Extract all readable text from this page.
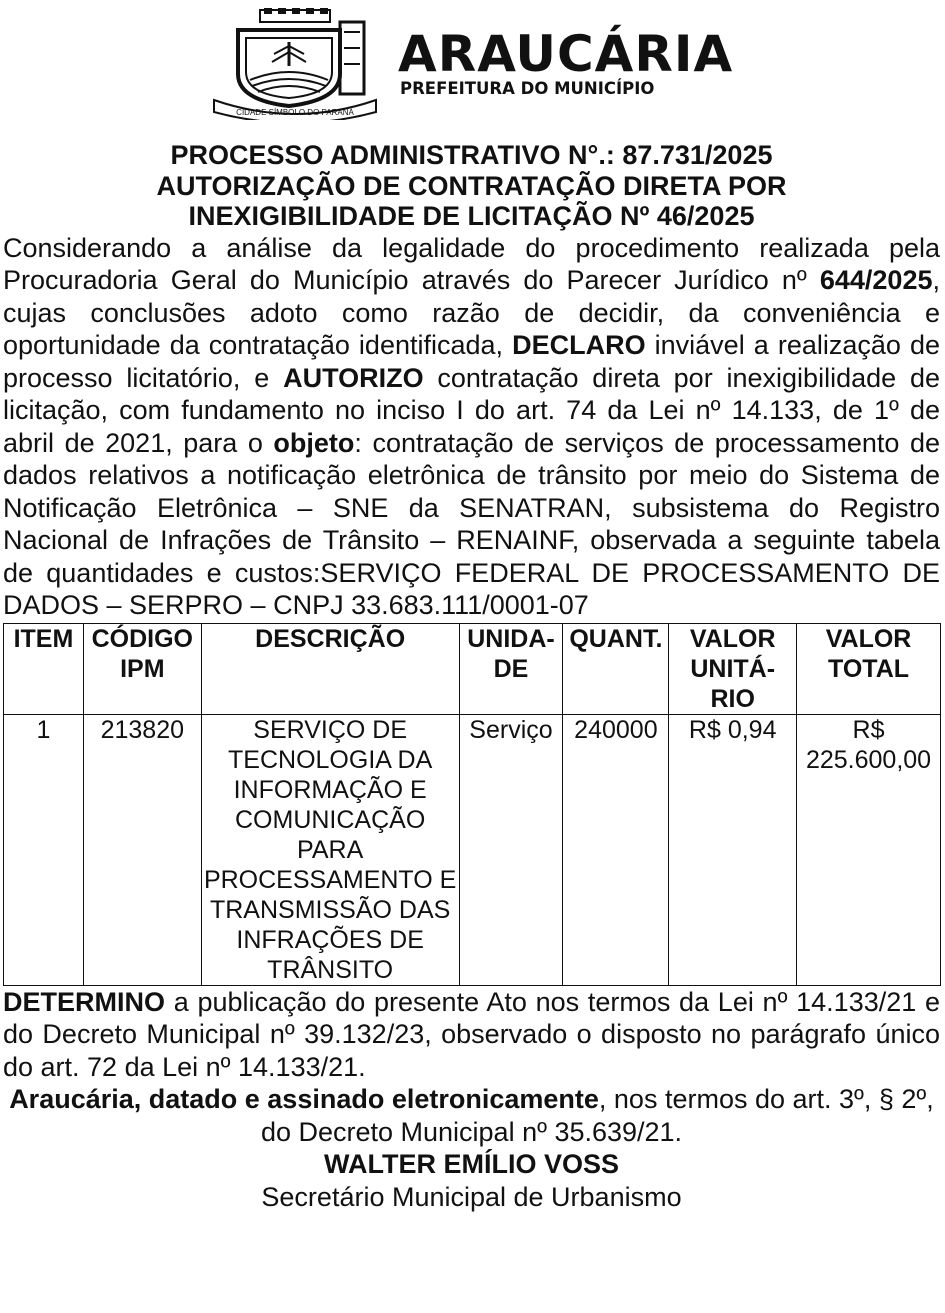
CIDADE SÍMBOLO DO PARANÁ
ARAUCÁRIA
PREFEITURA DO MUNICÍPIO
PROCESSO ADMINISTRATIVO N°.: 87.731/2025
AUTORIZAÇÃO DE CONTRATAÇÃO DIRETA POR
INEXIGIBILIDADE DE LICITAÇÃO Nº 46/2025

Considerando a análise da legalidade do procedimento realizada pela Procuradoria Geral do Município através do Parecer Jurídico nº 644/2025, cujas conclusões adoto como razão de decidir, da conveniência e oportunidade da contratação identificada, DECLARO inviável a realização de processo licitatório, e AUTORIZO contratação direta por inexigibilidade de licitação, com fundamento no inciso I do art. 74 da Lei nº 14.133, de 1º de abril de 2021, para o objeto: contratação de serviços de processamento de dados relativos a notificação eletrônica de trânsito por meio do Sistema de Notificação Eletrônica – SNE da SENATRAN, subsistema do Registro Nacional de Infrações de Trânsito – RENAINF, observada a seguinte tabela de quantidades e custos:SERVIÇO FEDERAL DE PROCESSAMENTO DE DADOS – SERPRO – CNPJ 33.683.111/0001-07

ITEM	CÓDIGO IPM	DESCRIÇÃO	UNIDA-DE	QUANT.	VALOR UNITÁ-RIO	VALOR TOTAL
1	213820	SERVIÇO DE TECNOLOGIA DA INFORMAÇÃO E COMUNICAÇÃO PARA PROCESSAMENTO E TRANSMISSÃO DAS INFRAÇÕES DE TRÂNSITO	Serviço	240000	R$ 0,94	R$ 225.600,00

DETERMINO a publicação do presente Ato nos termos da Lei nº 14.133/21 e do Decreto Municipal nº 39.132/23, observado o disposto no parágrafo único do art. 72 da Lei nº 14.133/21.

Araucária, datado e assinado eletronicamente, nos termos do art. 3º, § 2º, do Decreto Municipal nº 35.639/21.

WALTER EMÍLIO VOSS
Secretário Municipal de Urbanismo
